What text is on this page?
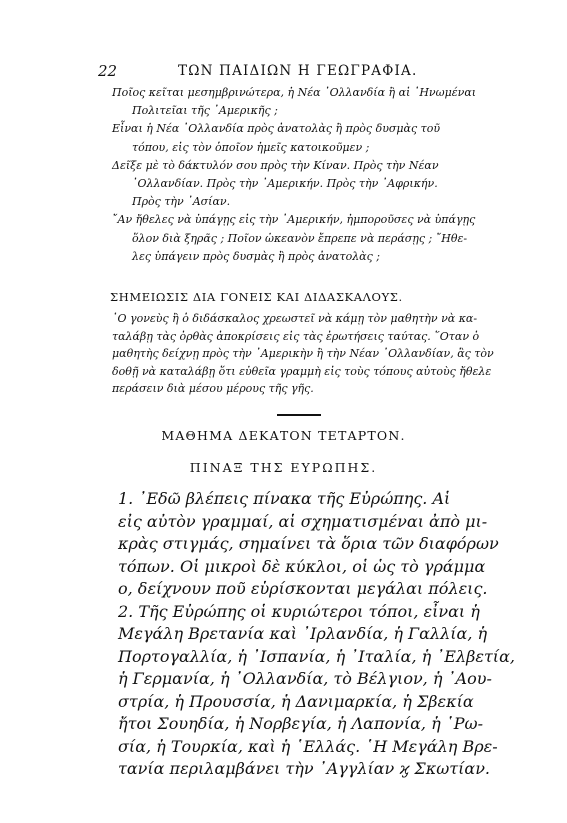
22	ΤΩΝ ΠΑΙΔΙΩΝ Η ΓΕΩΓΡΑΦΙΑ.
Ποῖος κεῖται μεσημβρινώτερα, ἡ Νέα ᾿Ολλανδία ἢ αἱ ῾Ηνωμέναι
Πολιτεῖαι τῆς ᾿Αμερικῆς ;
Εἶναι ἡ Νέα ᾿Ολλανδία πρὸς ἀνατολὰς ἢ πρὸς δυσμὰς τοῦ
τόπου, εἰς τὸν ὁποῖον ἡμεῖς κατοικοῦμεν ;
Δεῖξε μὲ τὸ δάκτυλόν σου πρὸς τὴν Κίναν. Πρὸς τὴν Νέαν
᾿Ολλανδίαν. Πρὸς τὴν ᾿Αμερικήν. Πρὸς τὴν ᾿Αφρικήν.
Πρὸς τὴν ᾿Ασίαν.
῎Αν ἤθελες νὰ ὑπάγῃς εἰς τὴν ᾿Αμερικήν, ἠμποροῦσες νὰ ὑπάγῃς
ὅλον διὰ ξηρᾶς ; Ποῖον ὠκεανὸν ἔπρεπε νὰ περάσῃς ; ῎Ηθε-
λες ὑπάγειν πρὸς δυσμὰς ἢ πρὸς ἀνατολὰς ;
ΣΗΜΕΙΩΣΙΣ ΔΙΑ ΓΟΝΕΙΣ ΚΑΙ ΔΙΔΑΣΚΑΛΟΥΣ.
῾Ο γονεὺς ἢ ὁ διδάσκαλος χρεωστεῖ νὰ κάμῃ τὸν μαθητὴν νὰ κα-
ταλάβῃ τὰς ὀρθὰς ἀποκρίσεις εἰς τὰς ἐρωτήσεις ταύτας. ῞Οταν ὁ
μαθητὴς δείχνῃ πρὸς τὴν ᾿Αμερικὴν ἢ τὴν Νέαν ᾿Ολλανδίαν, ἂς τὸν
δοθῇ νὰ καταλάβῃ ὅτι εὐθεῖα γραμμὴ εἰς τοὺς τόπους αὐτοὺς ἤθελε
περάσειν διὰ μέσου μέρους τῆς γῆς.
ΜΑΘΗΜΑ ΔΕΚΑΤΟΝ ΤΕΤΑΡΤΟΝ.
ΠΙΝΑΞ ΤΗΣ ΕΥΡΩΠΗΣ.
1. ᾿Εδῶ βλέπεις πίνακα τῆς Εὐρώπης. Αἱ
εἰς αὐτὸν γραμμαί, αἱ σχηματισμέναι ἀπὸ μι-
κρὰς στιγμάς, σημαίνει τὰ ὅρια τῶν διαφόρων
τόπων. Οἱ μικροὶ δὲ κύκλοι, οἱ ὡς τὸ γράμμα
ο, δείχνουν ποῦ εὑρίσκονται μεγάλαι πόλεις.
2. Τῆς Εὐρώπης οἱ κυριώτεροι τόποι, εἶναι ἡ
Μεγάλη Βρετανία καὶ ᾿Ιρλανδία, ἡ Γαλλία, ἡ
Πορτογαλλία, ἡ ᾿Ισπανία, ἡ ᾿Ιταλία, ἡ ᾿Ελβετία,
ἡ Γερμανία, ἡ ᾿Ολλανδία, τὸ Βέλγιον, ἡ ᾿Αου-
στρία, ἡ Προυσσία, ἡ Δανιμαρκία, ἡ Σβεκία
ἤτοι Σουηδία, ἡ Νορβεγία, ἡ Λαπονία, ἡ ῾Ρω-
σία, ἡ Τουρκία, καὶ ἡ ῾Ελλάς. ῾Η Μεγάλη Βρε-
τανία περιλαμβάνει τὴν ᾿Αγγλίαν ϗ Σκωτίαν.
